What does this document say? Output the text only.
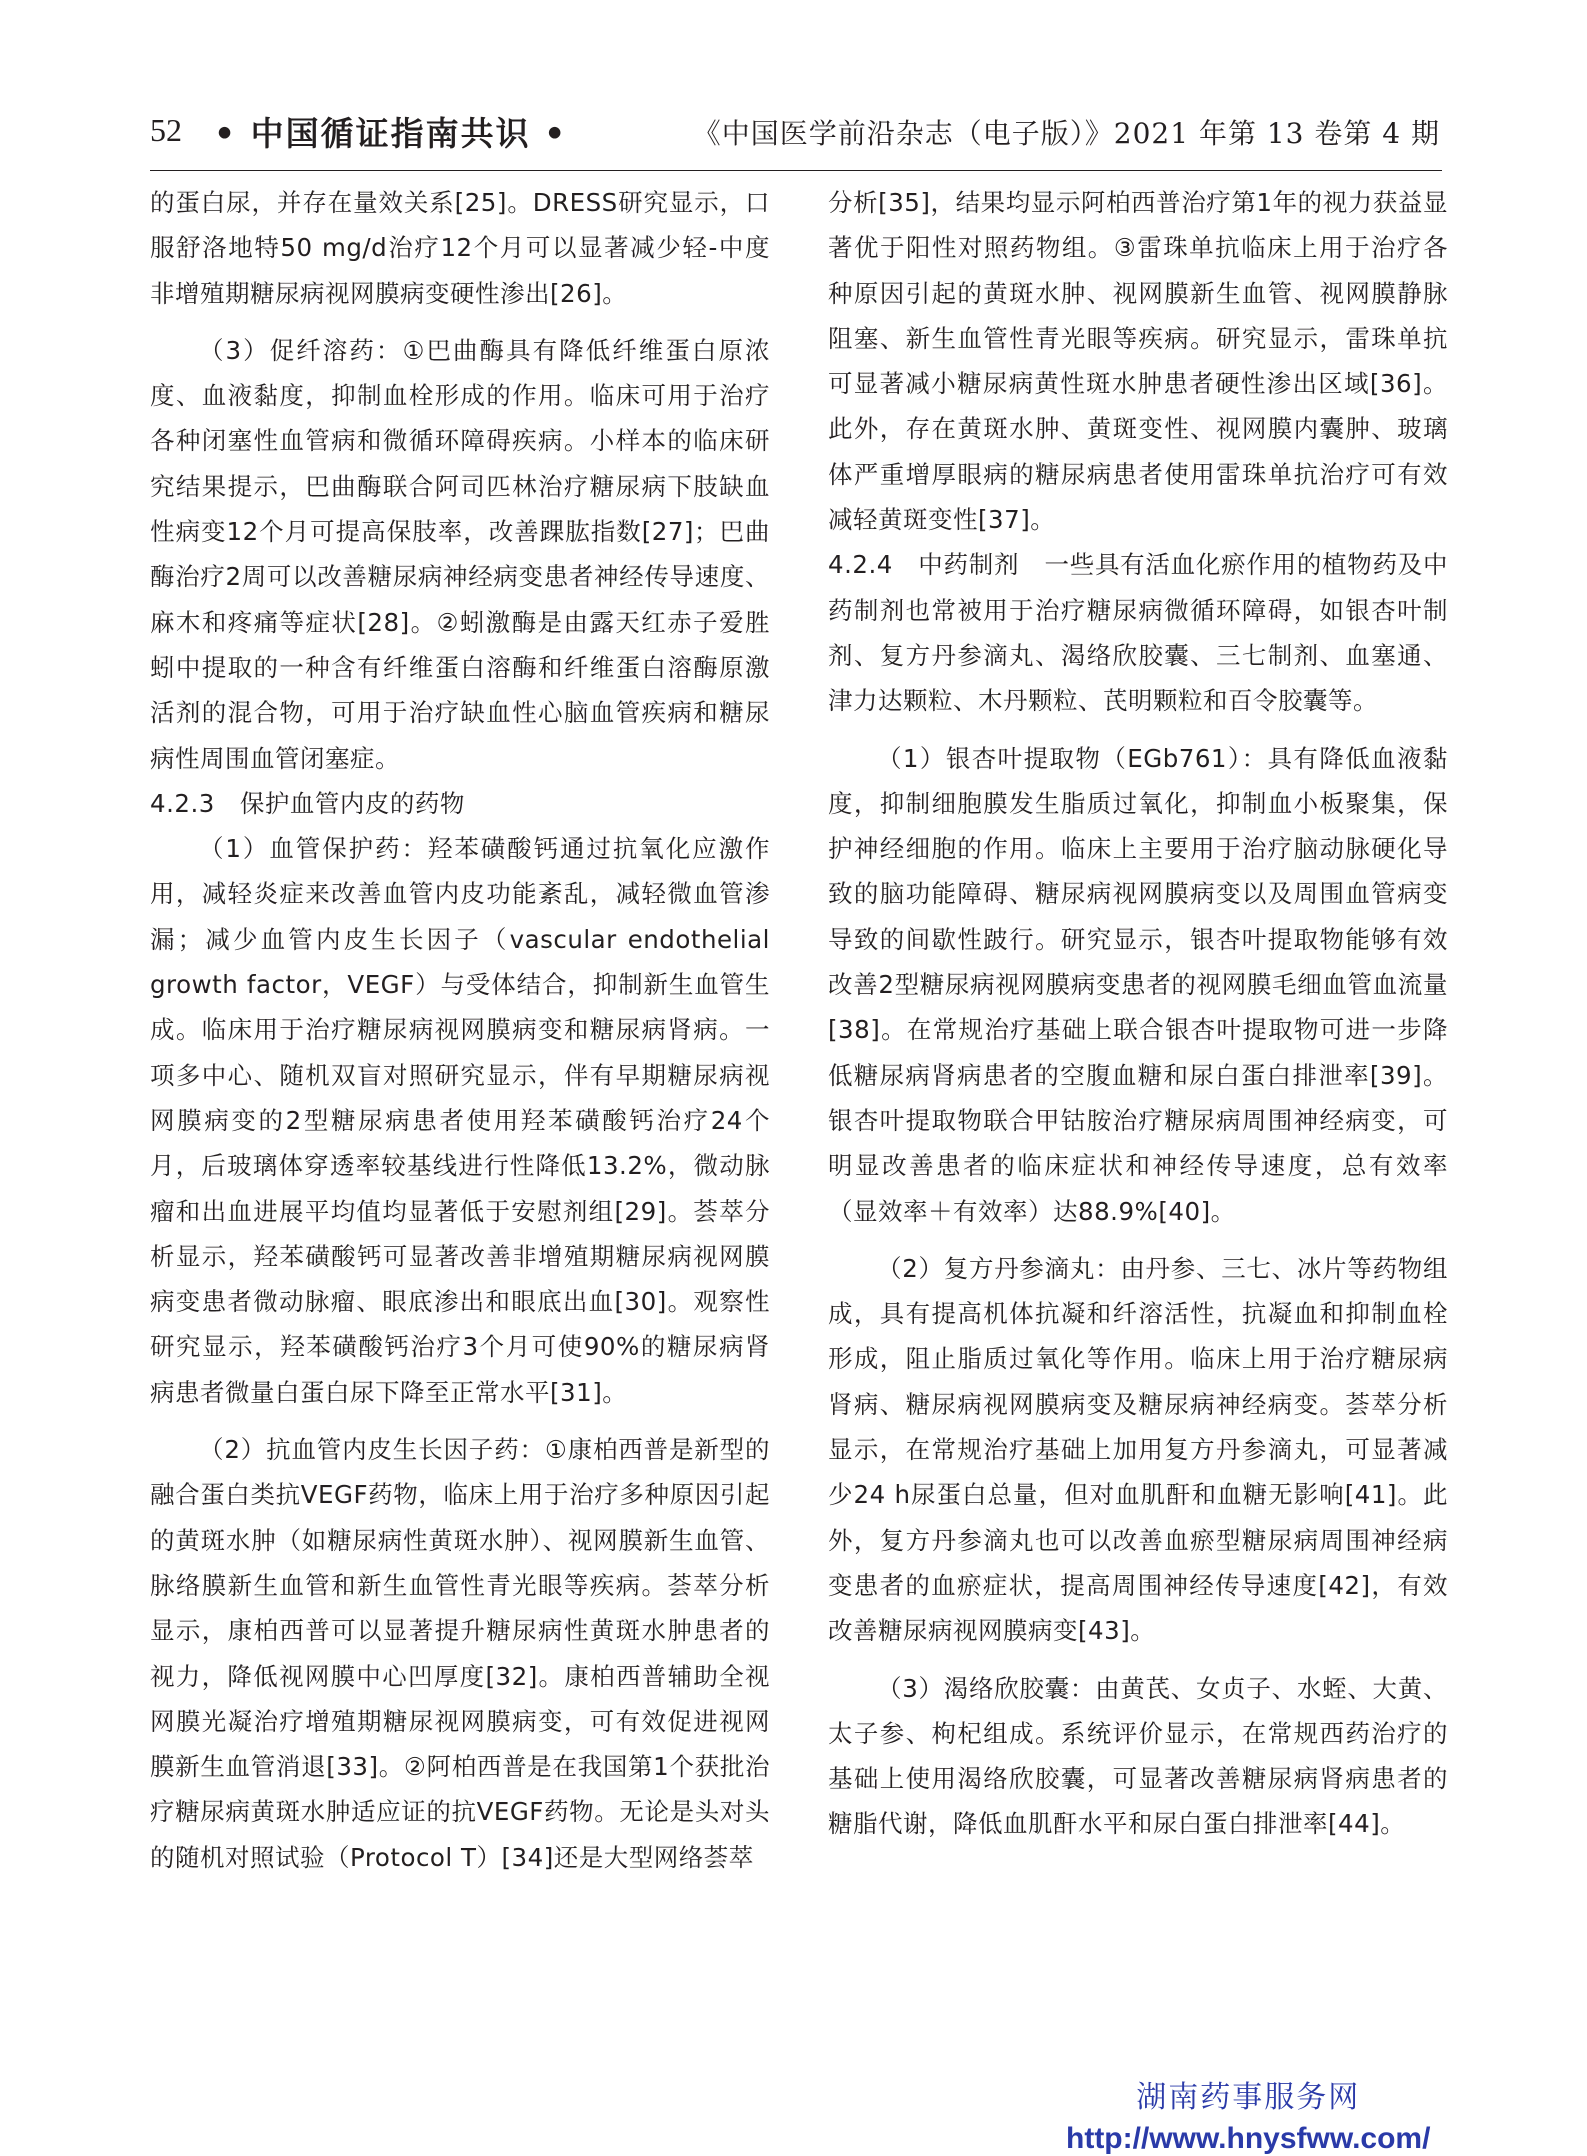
52 • 中国循证指南共识 •	《中国医学前沿杂志（电子版）》2021 年第 13 卷第 4 期

的蛋白尿，并存在量效关系[25]。DRESS研究显示，口服舒洛地特50 mg/d治疗12个月可以显著减少轻-中度非增殖期糖尿病视网膜病变硬性渗出[26]。

（3）促纤溶药：①巴曲酶具有降低纤维蛋白原浓度、血液黏度，抑制血栓形成的作用。临床可用于治疗各种闭塞性血管病和微循环障碍疾病。小样本的临床研究结果提示，巴曲酶联合阿司匹林治疗糖尿病下肢缺血性病变12个月可提高保肢率，改善踝肱指数[27]；巴曲酶治疗2周可以改善糖尿病神经病变患者神经传导速度、麻木和疼痛等症状[28]。②蚓激酶是由露天红赤子爱胜蚓中提取的一种含有纤维蛋白溶酶和纤维蛋白溶酶原激活剂的混合物，可用于治疗缺血性心脑血管疾病和糖尿病性周围血管闭塞症。

4.2.3　保护血管内皮的药物

（1）血管保护药：羟苯磺酸钙通过抗氧化应激作用，减轻炎症来改善血管内皮功能紊乱，减轻微血管渗漏；减少血管内皮生长因子（vascular endothelial growth factor，VEGF）与受体结合，抑制新生血管生成。临床用于治疗糖尿病视网膜病变和糖尿病肾病。一项多中心、随机双盲对照研究显示，伴有早期糖尿病视网膜病变的2型糖尿病患者使用羟苯磺酸钙治疗24个月，后玻璃体穿透率较基线进行性降低13.2%，微动脉瘤和出血进展平均值均显著低于安慰剂组[29]。荟萃分析显示，羟苯磺酸钙可显著改善非增殖期糖尿病视网膜病变患者微动脉瘤、眼底渗出和眼底出血[30]。观察性研究显示，羟苯磺酸钙治疗3个月可使90%的糖尿病肾病患者微量白蛋白尿下降至正常水平[31]。

（2）抗血管内皮生长因子药：①康柏西普是新型的融合蛋白类抗VEGF药物，临床上用于治疗多种原因引起的黄斑水肿（如糖尿病性黄斑水肿）、视网膜新生血管、脉络膜新生血管和新生血管性青光眼等疾病。荟萃分析显示，康柏西普可以显著提升糖尿病性黄斑水肿患者的视力，降低视网膜中心凹厚度[32]。康柏西普辅助全视网膜光凝治疗增殖期糖尿视网膜病变，可有效促进视网膜新生血管消退[33]。②阿柏西普是在我国第1个获批治疗糖尿病黄斑水肿适应证的抗VEGF药物。无论是头对头的随机对照试验（Protocol T）[34]还是大型网络荟萃

分析[35]，结果均显示阿柏西普治疗第1年的视力获益显著优于阳性对照药物组。③雷珠单抗临床上用于治疗各种原因引起的黄斑水肿、视网膜新生血管、视网膜静脉阻塞、新生血管性青光眼等疾病。研究显示，雷珠单抗可显著减小糖尿病黄性斑水肿患者硬性渗出区域[36]。此外，存在黄斑水肿、黄斑变性、视网膜内囊肿、玻璃体严重增厚眼病的糖尿病患者使用雷珠单抗治疗可有效减轻黄斑变性[37]。

4.2.4　中药制剂　一些具有活血化瘀作用的植物药及中药制剂也常被用于治疗糖尿病微循环障碍，如银杏叶制剂、复方丹参滴丸、渴络欣胶囊、三七制剂、血塞通、津力达颗粒、木丹颗粒、芪明颗粒和百令胶囊等。

（1）银杏叶提取物（EGb761）：具有降低血液黏度，抑制细胞膜发生脂质过氧化，抑制血小板聚集，保护神经细胞的作用。临床上主要用于治疗脑动脉硬化导致的脑功能障碍、糖尿病视网膜病变以及周围血管病变导致的间歇性跛行。研究显示，银杏叶提取物能够有效改善2型糖尿病视网膜病变患者的视网膜毛细血管血流量[38]。在常规治疗基础上联合银杏叶提取物可进一步降低糖尿病肾病患者的空腹血糖和尿白蛋白排泄率[39]。银杏叶提取物联合甲钴胺治疗糖尿病周围神经病变，可明显改善患者的临床症状和神经传导速度，总有效率（显效率＋有效率）达88.9%[40]。

（2）复方丹参滴丸：由丹参、三七、冰片等药物组成，具有提高机体抗凝和纤溶活性，抗凝血和抑制血栓形成，阻止脂质过氧化等作用。临床上用于治疗糖尿病肾病、糖尿病视网膜病变及糖尿病神经病变。荟萃分析显示，在常规治疗基础上加用复方丹参滴丸，可显著减少24 h尿蛋白总量，但对血肌酐和血糖无影响[41]。此外，复方丹参滴丸也可以改善血瘀型糖尿病周围神经病变患者的血瘀症状，提高周围神经传导速度[42]，有效改善糖尿病视网膜病变[43]。

（3）渴络欣胶囊：由黄芪、女贞子、水蛭、大黄、太子参、枸杞组成。系统评价显示，在常规西药治疗的基础上使用渴络欣胶囊，可显著改善糖尿病肾病患者的糖脂代谢，降低血肌酐水平和尿白蛋白排泄率[44]。

湖南药事服务网
http://www.hnysfww.com/
